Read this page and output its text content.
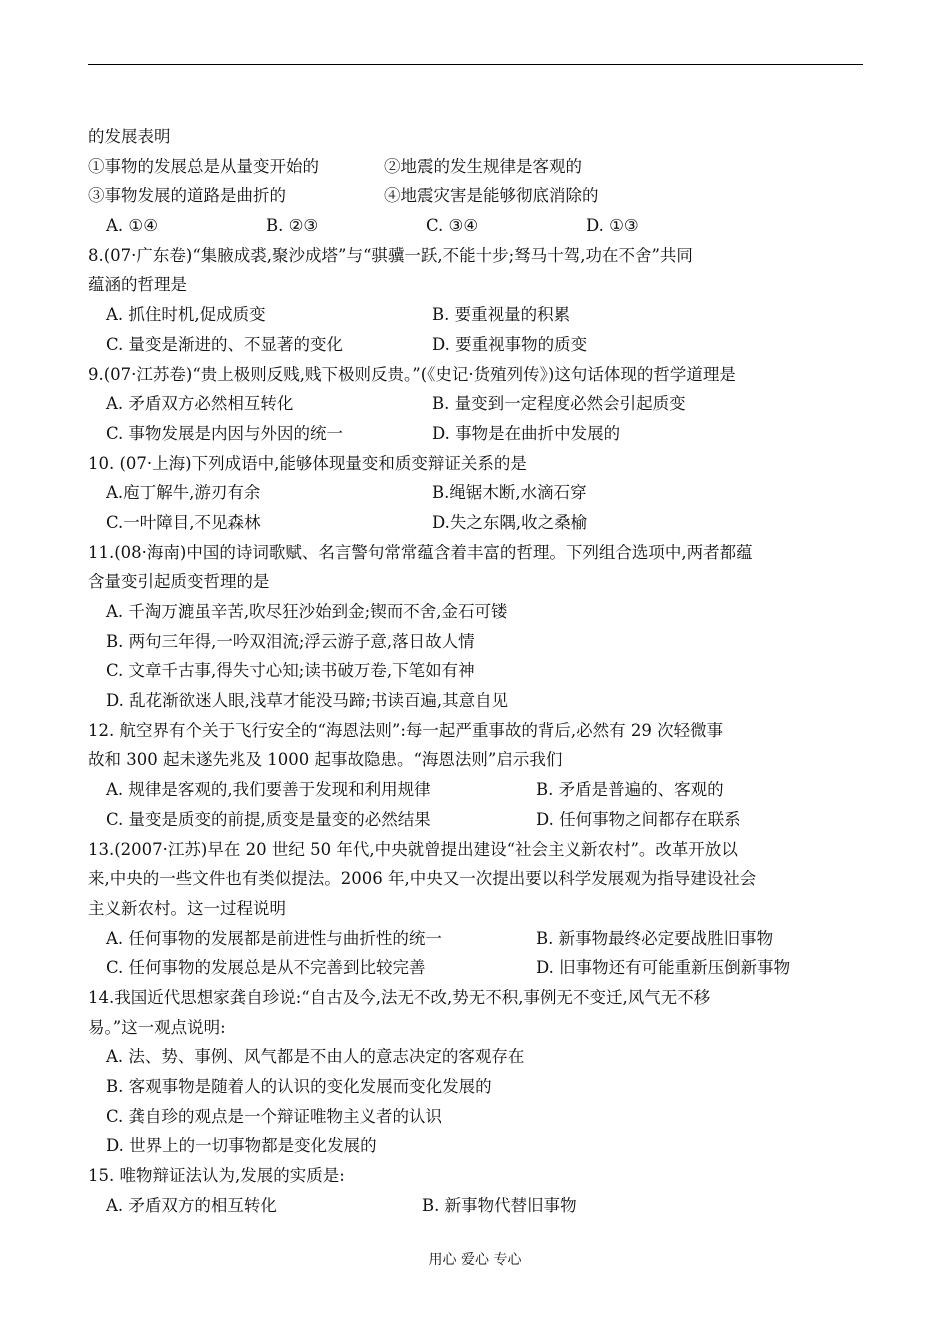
的发展表明
①事物的发展总是从量变开始的	②地震的发生规律是客观的
③事物发展的道路是曲折的	④地震灾害是能够彻底消除的
A. ①④	B. ②③	C. ③④	D. ①③
8.(07·广东卷)“集腋成裘,聚沙成塔”与“骐骥一跃,不能十步;驽马十驾,功在不舍”共同
蕴涵的哲理是
A. 抓住时机,促成质变	B. 要重视量的积累
C. 量变是渐进的、不显著的变化	D. 要重视事物的质变
9.(07·江苏卷)“贵上极则反贱,贱下极则反贵。”(《史记·货殖列传》)这句话体现的哲学道理是
A. 矛盾双方必然相互转化	B. 量变到一定程度必然会引起质变
C. 事物发展是内因与外因的统一	D. 事物是在曲折中发展的
10. (07·上海)下列成语中,能够体现量变和质变辩证关系的是
A.庖丁解牛,游刃有余	B.绳锯木断,水滴石穿
C.一叶障目,不见森林	D.失之东隅,收之桑榆
11.(08·海南)中国的诗词歌赋、名言警句常常蕴含着丰富的哲理。下列组合选项中,两者都蕴
含量变引起质变哲理的是
A. 千淘万漉虽辛苦,吹尽狂沙始到金;锲而不舍,金石可镂
B. 两句三年得,一吟双泪流;浮云游子意,落日故人情
C. 文章千古事,得失寸心知;读书破万卷,下笔如有神
D. 乱花渐欲迷人眼,浅草才能没马蹄;书读百遍,其意自见
12. 航空界有个关于飞行安全的“海恩法则”:每一起严重事故的背后,必然有 29 次轻微事
故和 300 起未遂先兆及 1000 起事故隐患。“海恩法则”启示我们
A. 规律是客观的,我们要善于发现和利用规律	B. 矛盾是普遍的、客观的
C. 量变是质变的前提,质变是量变的必然结果	D. 任何事物之间都存在联系
13.(2007·江苏)早在 20 世纪 50 年代,中央就曾提出建设“社会主义新农村”。改革开放以
来,中央的一些文件也有类似提法。2006 年,中央又一次提出要以科学发展观为指导建设社会
主义新农村。这一过程说明
A. 任何事物的发展都是前进性与曲折性的统一	B. 新事物最终必定要战胜旧事物
C. 任何事物的发展总是从不完善到比较完善	D. 旧事物还有可能重新压倒新事物
14.我国近代思想家龚自珍说:“自古及今,法无不改,势无不积,事例无不变迁,风气无不移
易。”这一观点说明:
A. 法、势、事例、风气都是不由人的意志决定的客观存在
B. 客观事物是随着人的认识的变化发展而变化发展的
C. 龚自珍的观点是一个辩证唯物主义者的认识
D. 世界上的一切事物都是变化发展的
15. 唯物辩证法认为,发展的实质是:
A. 矛盾双方的相互转化	B. 新事物代替旧事物
用心 爱心 专心
